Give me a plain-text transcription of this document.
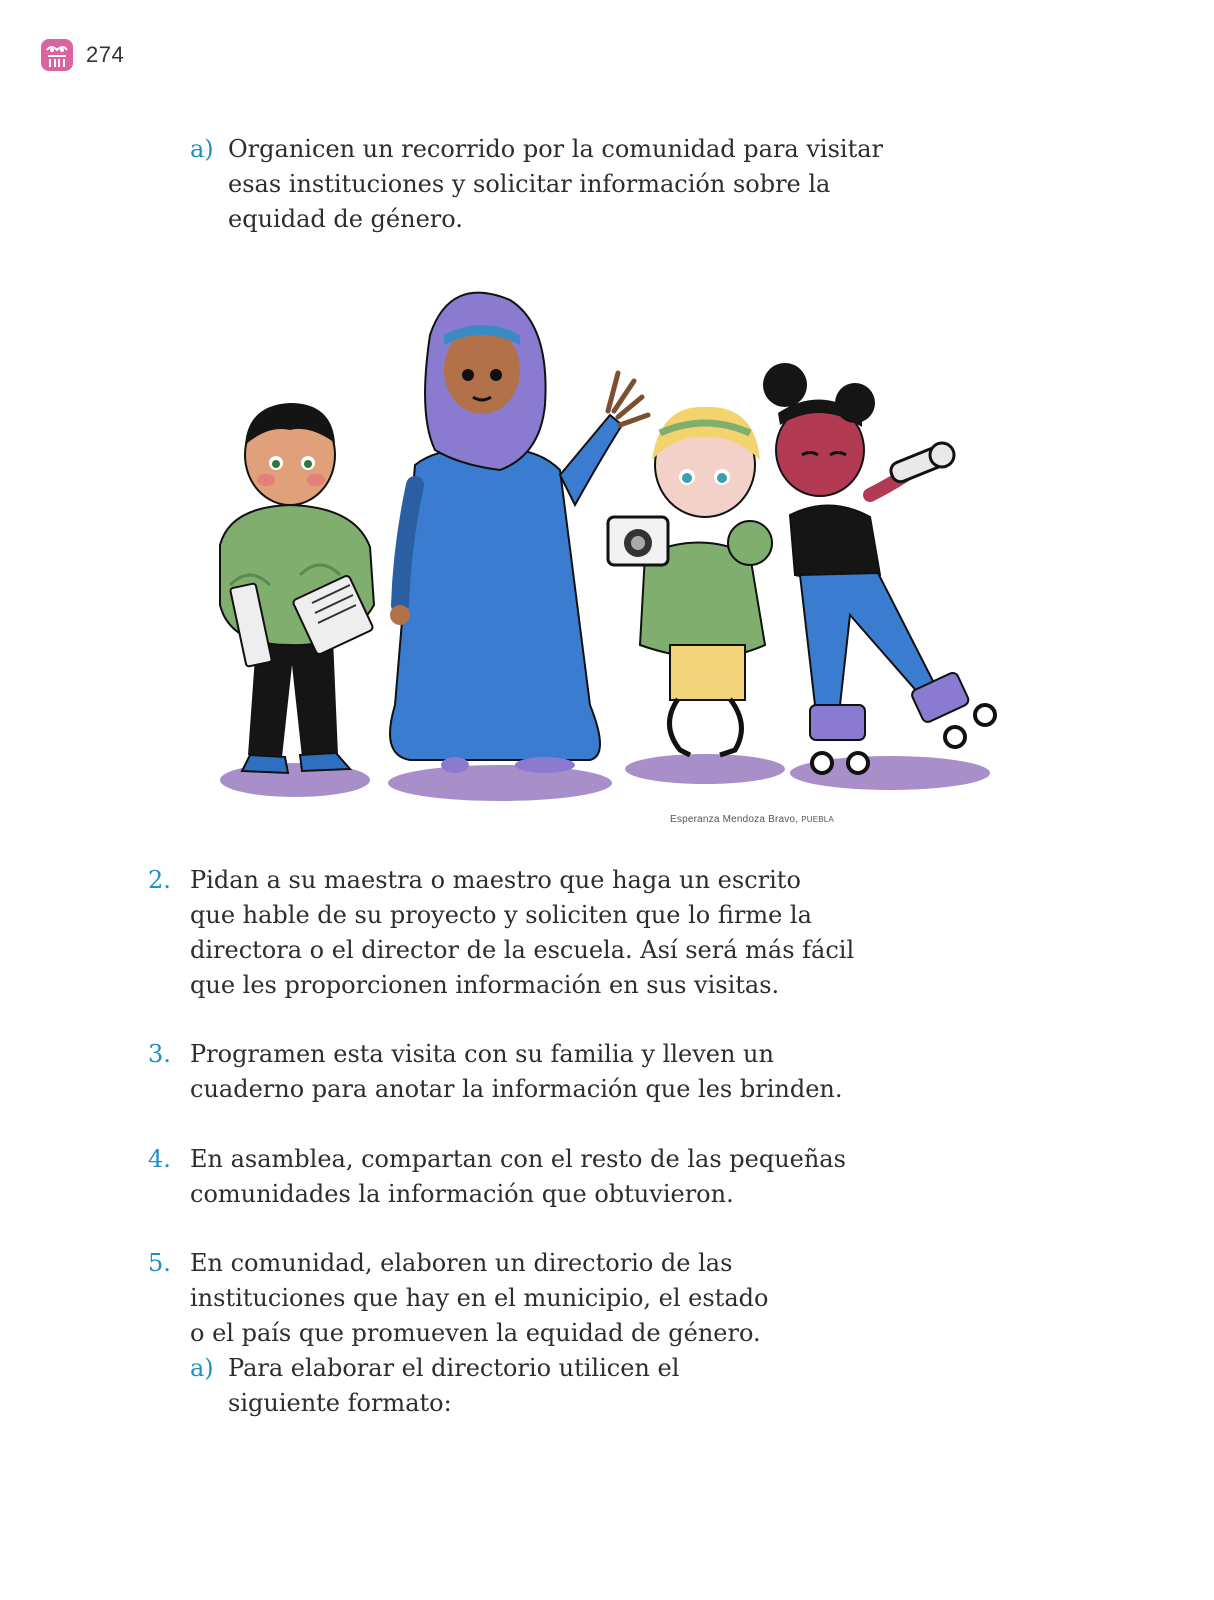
274
a) Organicen un recorrido por la comunidad para visitar
esas instituciones y solicitar información sobre la
equidad de género.
Esperanza Mendoza Bravo, PUEBLA
2. Pidan a su maestra o maestro que haga un escrito
que hable de su proyecto y soliciten que lo firme la
directora o el director de la escuela. Así será más fácil
que les proporcionen información en sus visitas.
3. Programen esta visita con su familia y lleven un
cuaderno para anotar la información que les brinden.
4. En asamblea, compartan con el resto de las pequeñas
comunidades la información que obtuvieron.
5. En comunidad, elaboren un directorio de las
instituciones que hay en el municipio, el estado
o el país que promueven la equidad de género.
a) Para elaborar el directorio utilicen el
siguiente formato:
